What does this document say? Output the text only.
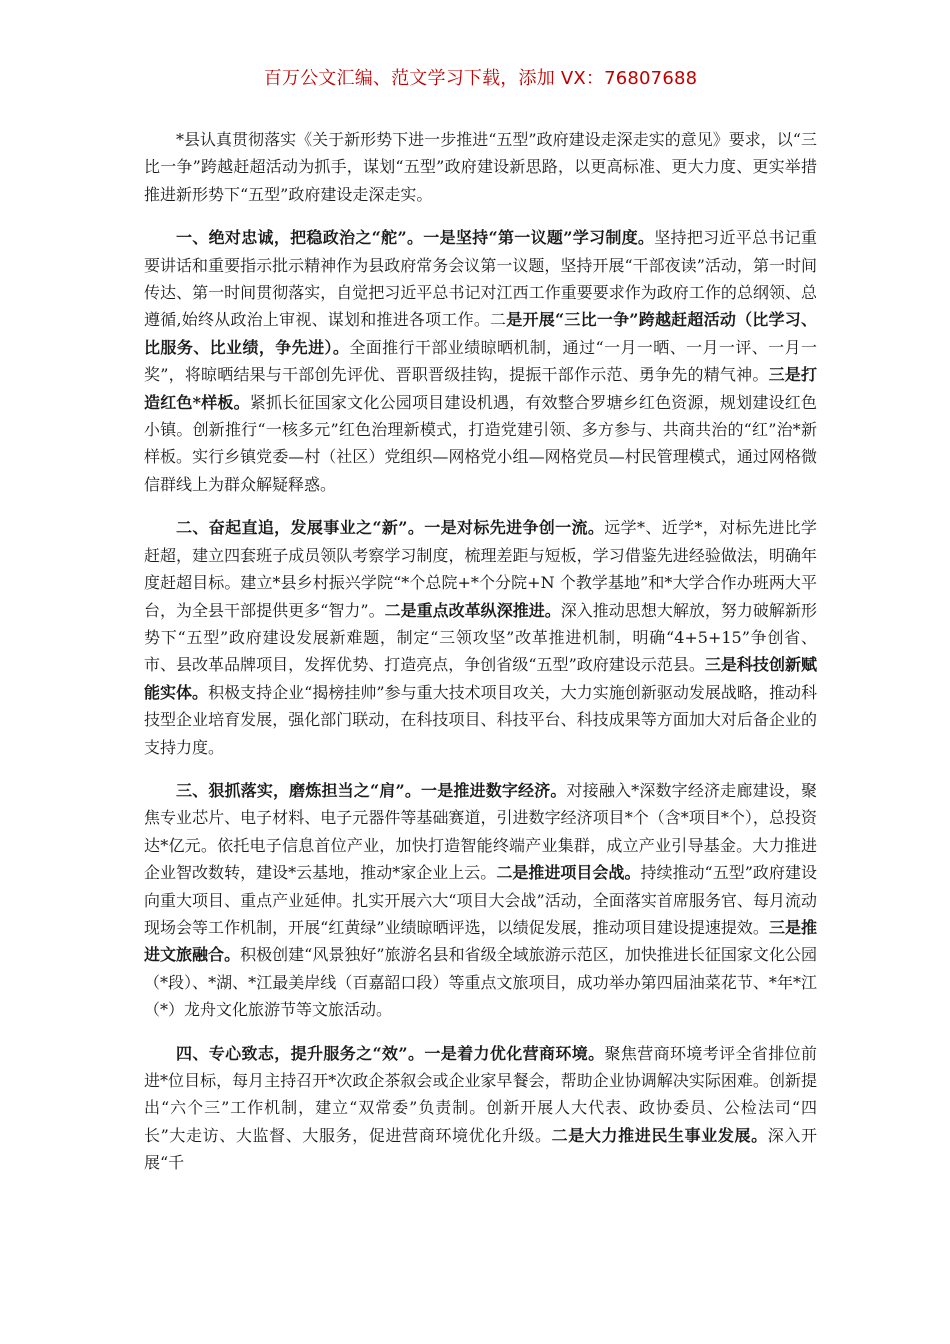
百万公文汇编、范文学习下载，添加 VX：76807688

*县认真贯彻落实《关于新形势下进一步推进“五型”政府建设走深走实的意见》要求，以“三比一争”跨越赶超活动为抓手，谋划“五型”政府建设新思路，以更高标准、更大力度、更实举措推进新形势下“五型”政府建设走深走实。

一、绝对忠诚，把稳政治之“舵”。一是坚持“第一议题”学习制度。坚持把习近平总书记重要讲话和重要指示批示精神作为县政府常务会议第一议题，坚持开展“干部夜读”活动，第一时间传达、第一时间贯彻落实，自觉把习近平总书记对江西工作重要要求作为政府工作的总纲领、总遵循,始终从政治上审视、谋划和推进各项工作。二是开展“三比一争”跨越赶超活动（比学习、比服务、比业绩，争先进）。全面推行干部业绩晾晒机制，通过“一月一晒、一月一评、一月一奖”，将晾晒结果与干部创先评优、晋职晋级挂钩，提振干部作示范、勇争先的精气神。三是打造红色*样板。紧抓长征国家文化公园项目建设机遇，有效整合罗塘乡红色资源，规划建设红色小镇。创新推行“一核多元”红色治理新模式，打造党建引领、多方参与、共商共治的“红”治*新样板。实行乡镇党委—村（社区）党组织—网格党小组—网格党员—村民管理模式，通过网格微信群线上为群众解疑释惑。

二、奋起直追，发展事业之“新”。一是对标先进争创一流。远学*、近学*，对标先进比学赶超，建立四套班子成员领队考察学习制度，梳理差距与短板，学习借鉴先进经验做法，明确年度赶超目标。建立*县乡村振兴学院“*个总院+*个分院+N 个教学基地”和*大学合作办班两大平台，为全县干部提供更多“智力”。二是重点改革纵深推进。深入推动思想大解放，努力破解新形势下“五型”政府建设发展新难题，制定“三领攻坚”改革推进机制，明确“4+5+15”争创省、市、县改革品牌项目，发挥优势、打造亮点，争创省级“五型”政府建设示范县。三是科技创新赋能实体。积极支持企业“揭榜挂帅”参与重大技术项目攻关，大力实施创新驱动发展战略，推动科技型企业培育发展，强化部门联动，在科技项目、科技平台、科技成果等方面加大对后备企业的支持力度。

三、狠抓落实，磨炼担当之“肩”。一是推进数字经济。对接融入*深数字经济走廊建设，聚焦专业芯片、电子材料、电子元器件等基础赛道，引进数字经济项目*个（含*项目*个），总投资达*亿元。依托电子信息首位产业，加快打造智能终端产业集群，成立产业引导基金。大力推进企业智改数转，建设*云基地，推动*家企业上云。二是推进项目会战。持续推动“五型”政府建设向重大项目、重点产业延伸。扎实开展六大“项目大会战”活动，全面落实首席服务官、每月流动现场会等工作机制，开展“红黄绿”业绩晾晒评选，以绩促发展，推动项目建设提速提效。三是推进文旅融合。积极创建“风景独好”旅游名县和省级全域旅游示范区，加快推进长征国家文化公园（*段）、*湖、*江最美岸线（百嘉韶口段）等重点文旅项目，成功举办第四届油菜花节、*年*江（*）龙舟文化旅游节等文旅活动。

四、专心致志，提升服务之“效”。一是着力优化营商环境。聚焦营商环境考评全省排位前进*位目标，每月主持召开*次政企茶叙会或企业家早餐会，帮助企业协调解决实际困难。创新提出“六个三”工作机制，建立“双常委”负责制。创新开展人大代表、政协委员、公检法司“四长”大走访、大监督、大服务，促进营商环境优化升级。二是大力推进民生事业发展。深入开展“千
